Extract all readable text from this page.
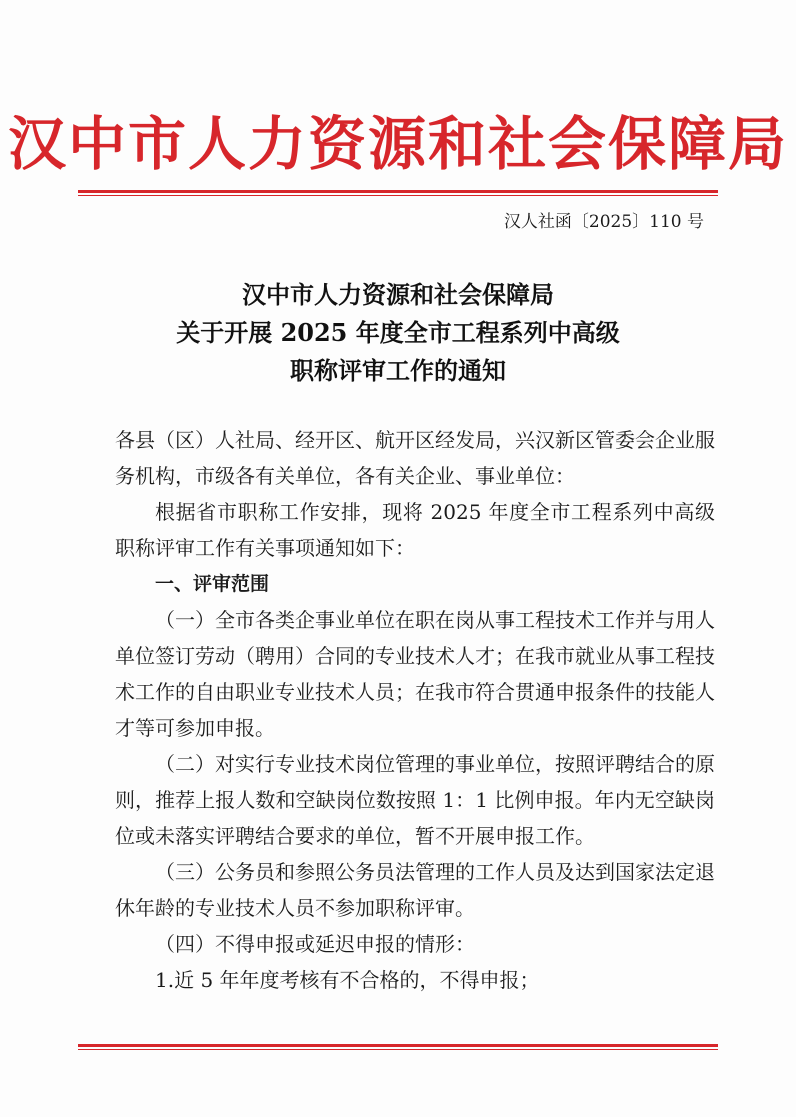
汉中市人力资源和社会保障局
汉人社函〔2025〕110 号
汉中市人力资源和社会保障局
关于开展 2025 年度全市工程系列中高级
职称评审工作的通知

各县（区）人社局、经开区、航开区经发局，兴汉新区管委会企业服务机构，市级各有关单位，各有关企业、事业单位：

根据省市职称工作安排，现将 2025 年度全市工程系列中高级职称评审工作有关事项通知如下：

一、评审范围

（一）全市各类企事业单位在职在岗从事工程技术工作并与用人单位签订劳动（聘用）合同的专业技术人才；在我市就业从事工程技术工作的自由职业专业技术人员；在我市符合贯通申报条件的技能人才等可参加申报。

（二）对实行专业技术岗位管理的事业单位，按照评聘结合的原则，推荐上报人数和空缺岗位数按照 1：1 比例申报。年内无空缺岗位或未落实评聘结合要求的单位，暂不开展申报工作。

（三）公务员和参照公务员法管理的工作人员及达到国家法定退休年龄的专业技术人员不参加职称评审。

（四）不得申报或延迟申报的情形：

1.近 5 年年度考核有不合格的，不得申报；
